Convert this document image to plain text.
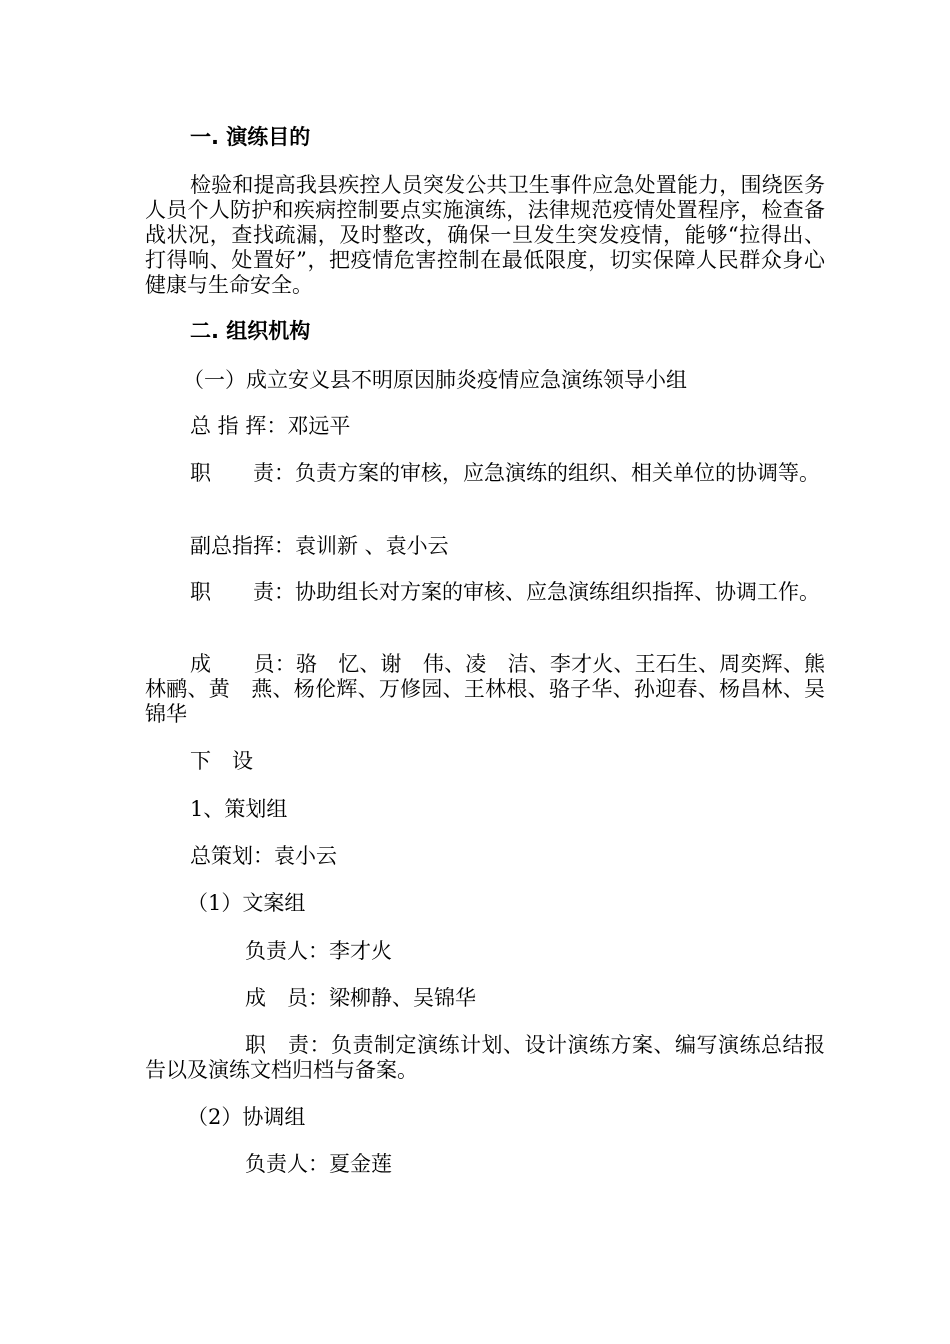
一. 演练目的
检验和提高我县疾控人员突发公共卫生事件应急处置能力，围绕医务人员个人防护和疾病控制要点实施演练，法律规范疫情处置程序，检查备战状况，查找疏漏，及时整改，确保一旦发生突发疫情，能够“拉得出、打得响、处置好”，把疫情危害控制在最低限度，切实保障人民群众身心健康与生命安全。
二. 组织机构
（一）成立安义县不明原因肺炎疫情应急演练领导小组
总 指 挥：邓远平
职　　责：负责方案的审核，应急演练的组织、相关单位的协调等。
副总指挥：袁训新 、袁小云
职　　责：协助组长对方案的审核、应急演练组织指挥、协调工作。
成　　员：骆　忆、谢　伟、凌　洁、李才火、王石生、周奕辉、熊林鹂、黄　燕、杨伦辉、万修园、王林根、骆子华、孙迎春、杨昌林、吴锦华
下　设
1、策划组
总策划：袁小云
（1）文案组
负责人：李才火
成　员：梁柳静、吴锦华
职　责：负责制定演练计划、设计演练方案、编写演练总结报告以及演练文档归档与备案。
（2）协调组
负责人：夏金莲
